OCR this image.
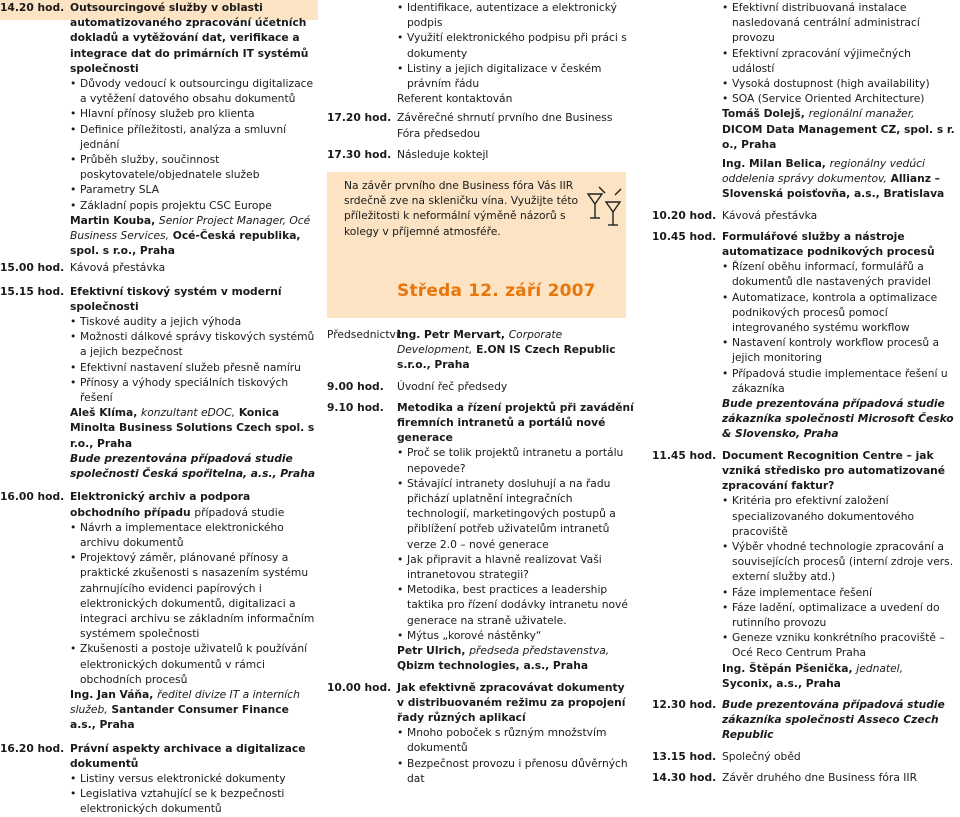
14.20 hod. Outsourcingové služby v oblasti automatizovaného zpracování účetních dokladů a vytěžování dat, verifikace a integrace dat do primárních IT systémů společnosti
• Důvody vedoucí k outsourcingu digitalizace a vytěžení datového obsahu dokumentů
• Hlavní přínosy služeb pro klienta
• Definice příležitosti, analýza a smluvní jednání
• Průběh služby, součinnost poskytovatele/objednatele služeb
• Parametry SLA
• Základní popis projektu CSC Europe
Martin Kouba, Senior Project Manager, Océ Business Services, Océ-Česká republika, spol. s r.o., Praha
15.00 hod. Kávová přestávka
15.15 hod. Efektivní tiskový systém v moderní společnosti
• Tiskové audity a jejich výhoda
• Možnosti dálkové správy tiskových systémů a jejich bezpečnost
• Efektivní nastavení služeb přesně namíru
• Přínosy a výhody speciálních tiskových řešení
Aleš Klíma, konzultant eDOC, Konica Minolta Business Solutions Czech spol. s r.o., Praha
Bude prezentována případová studie společnosti Česká spořitelna, a.s., Praha
16.00 hod. Elektronický archiv a podpora obchodního případu případová studie
• Návrh a implementace elektronického archivu dokumentů
• Projektový záměr, plánované přínosy a praktické zkušenosti s nasazením systému zahrnujícího evidenci papírových i elektronických dokumentů, digitalizaci a integraci archivu se základním informačním systémem společnosti
• Zkušenosti a postoje uživatelů k používání elektronických dokumentů v rámci obchodních procesů
Ing. Jan Váňa, ředitel divize IT a interních služeb, Santander Consumer Finance a.s., Praha
16.20 hod. Právní aspekty archivace a digitalizace dokumentů
• Listiny versus elektronické dokumenty
• Legislativa vztahující se k bezpečnosti elektronických dokumentů
• Identifikace, autentizace a elektronický podpis
• Využití elektronického podpisu při práci s dokumenty
• Listiny a jejich digitalizace v českém právním řádu
Referent kontaktován
17.20 hod. Závěrečné shrnutí prvního dne Business Fóra předsedou
17.30 hod. Následuje koktejl
Na závěr prvního dne Business fóra Vás IIR srdečně zve na skleničku vína. Využijte této příležitosti k neformální výměně názorů s kolegy v příjemné atmosféře.
Středa 12. září 2007
Předsednictví:
Ing. Petr Mervart, Corporate Development, E.ON IS Czech Republic s.r.o., Praha
9.00 hod.	Úvodní řeč předsedy
9.10 hod.	Metodika a řízení projektů při zavádění firemních intranetů a portálů nové generace
• Proč se tolik projektů intranetu a portálu nepovede?
• Stávající intranety dosluhují a na řadu přichází uplatnění integračních technologií, marketingových postupů a přiblížení potřeb uživatelům intranetů verze 2.0 – nové generace
• Jak připravit a hlavně realizovat Vaši intranetovou strategii?
• Metodika, best practices a leadership taktika pro řízení dodávky intranetu nové generace na straně uživatele.
• Mýtus „korové nástěnky“
Petr Ulrich, předseda představenstva, Qbizm technologies, a.s., Praha
10.00 hod. Jak efektivně zpracovávat dokumenty v distribuovaném režimu za propojení řady různých aplikací
• Mnoho poboček s různým množstvím dokumentů
• Bezpečnost provozu i přenosu důvěrných dat
• Efektivní distribuovaná instalace nasledovaná centrální administrací provozu
• Efektivní zpracování výjimečných událostí
• Vysoká dostupnost (high availability)
• SOA (Service Oriented Architecture)
Tomáš Dolejš, regionální manažer, DICOM Data Management CZ, spol. s r. o., Praha
Ing. Milan Belica, regionálny vedúci oddelenia správy dokumentov, Allianz – Slovenská poisťovňa, a.s., Bratislava
10.20 hod. Kávová přestávka
10.45 hod. Formulářové služby a nástroje automatizace podnikových procesů
• Řízení oběhu informací, formulářů a dokumentů dle nastavených pravidel
• Automatizace, kontrola a optimalizace podnikových procesů pomocí integrovaného systému workflow
• Nastavení kontroly workflow procesů a jejich monitoring
• Případová studie implementace řešení u zákazníka
Bude prezentována případová studie zákazníka společnosti Microsoft Česko & Slovensko, Praha
11.45 hod. Document Recognition Centre – jak vzniká středisko pro automatizované zpracování faktur?
• Kritéria pro efektivní založení specializovaného dokumentového pracoviště
• Výběr vhodné technologie zpracování a souvisejících procesů (interní zdroje vers. externí služby atd.)
• Fáze implementace řešení
• Fáze ladění, optimalizace a uvedení do rutinního provozu
• Geneze vzniku konkrétního pracoviště – Océ Reco Centrum Praha
Ing. Štěpán Pšenička, jednatel, Syconix, a.s., Praha
12.30 hod. Bude prezentována případová studie zákazníka společnosti Asseco Czech Republic
13.15 hod. Společný oběd
14.30 hod. Závěr druhého dne Business fóra IIR
